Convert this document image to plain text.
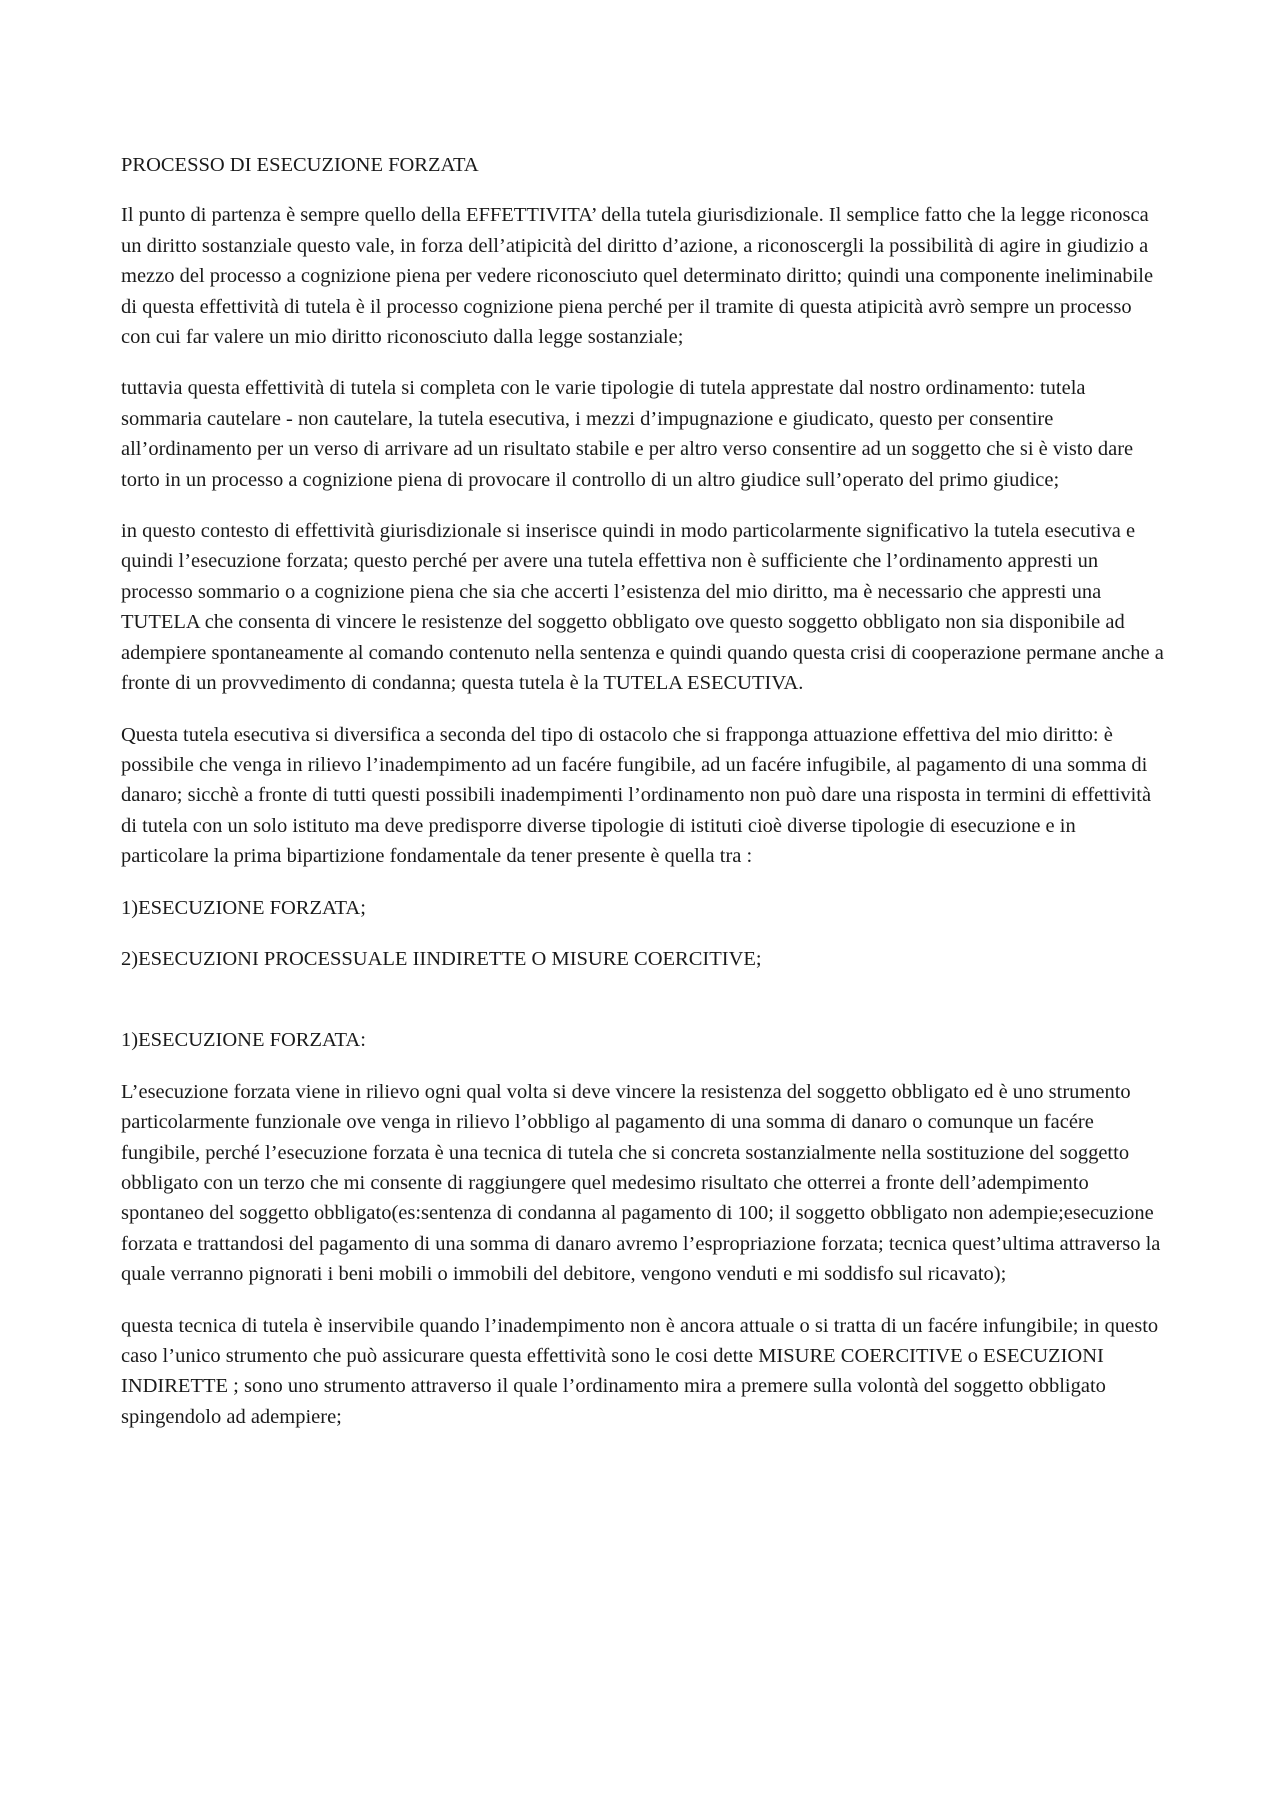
PROCESSO DI ESECUZIONE FORZATA

Il punto di partenza è sempre quello della EFFETTIVITA’ della tutela giurisdizionale. Il semplice fatto che la legge riconosca un diritto sostanziale questo vale, in forza dell’atipicità del diritto d’azione, a riconoscergli la possibilità di agire in giudizio a mezzo del processo a cognizione piena per vedere riconosciuto quel determinato diritto; quindi una componente ineliminabile di questa effettività di tutela è il processo cognizione piena perché per il tramite di questa atipicità avrò sempre un processo con cui far valere un mio diritto riconosciuto dalla legge sostanziale;

tuttavia questa effettività di tutela si completa con le varie tipologie di tutela apprestate dal nostro ordinamento: tutela sommaria cautelare - non cautelare, la tutela esecutiva, i mezzi d’impugnazione e giudicato, questo per consentire all’ordinamento per un verso di arrivare ad un risultato stabile e per altro verso consentire ad un soggetto che si è visto dare torto in un processo a cognizione piena di provocare il controllo di un altro giudice sull’operato del primo giudice;

in questo contesto di effettività giurisdizionale si inserisce quindi in modo particolarmente significativo la tutela esecutiva e quindi l’esecuzione forzata; questo perché per avere una tutela effettiva non è sufficiente che l’ordinamento appresti un processo sommario o a cognizione piena che sia che accerti l’esistenza del mio diritto, ma è necessario che appresti una TUTELA che consenta di vincere le resistenze del soggetto obbligato ove questo soggetto obbligato non sia disponibile ad adempiere spontaneamente al comando contenuto nella sentenza e quindi quando questa crisi di cooperazione permane anche a fronte di un provvedimento di condanna; questa tutela è la TUTELA ESECUTIVA.

Questa tutela esecutiva si diversifica a seconda del tipo di ostacolo che si frapponga attuazione effettiva del mio diritto: è possibile che venga in rilievo l’inadempimento ad un facére fungibile, ad un facére infugibile, al pagamento di una somma di danaro; sicchè a fronte di tutti questi possibili inadempimenti l’ordinamento non può dare una risposta in termini di effettività di tutela con un solo istituto ma deve predisporre diverse tipologie di istituti cioè diverse tipologie di esecuzione e in particolare la prima bipartizione fondamentale da tener presente è quella tra :

1)ESECUZIONE FORZATA;

2)ESECUZIONI PROCESSUALE IINDIRETTE O MISURE COERCITIVE;

1)ESECUZIONE FORZATA:

L’esecuzione forzata viene in rilievo ogni qual volta si deve vincere la resistenza del soggetto obbligato ed è uno strumento particolarmente funzionale ove venga in rilievo l’obbligo al pagamento di una somma di danaro o comunque un facére fungibile, perché l’esecuzione forzata è una tecnica di tutela che si concreta sostanzialmente nella sostituzione del soggetto obbligato con un terzo che mi consente di raggiungere quel medesimo risultato che otterrei a fronte dell’adempimento spontaneo del soggetto obbligato(es:sentenza di condanna al pagamento di 100; il soggetto obbligato non adempie;esecuzione forzata e trattandosi del pagamento di una somma di danaro avremo l’espropriazione forzata; tecnica quest’ultima attraverso la quale verranno pignorati i beni mobili o immobili del debitore, vengono venduti e mi soddisfo sul ricavato);

questa tecnica di tutela è inservibile quando l’inadempimento non è ancora attuale o si tratta di un facére infungibile; in questo caso l’unico strumento che può assicurare questa effettività sono le cosi dette MISURE COERCITIVE o ESECUZIONI INDIRETTE ; sono uno strumento attraverso il quale l’ordinamento mira a premere sulla volontà del soggetto obbligato spingendolo ad adempiere;
